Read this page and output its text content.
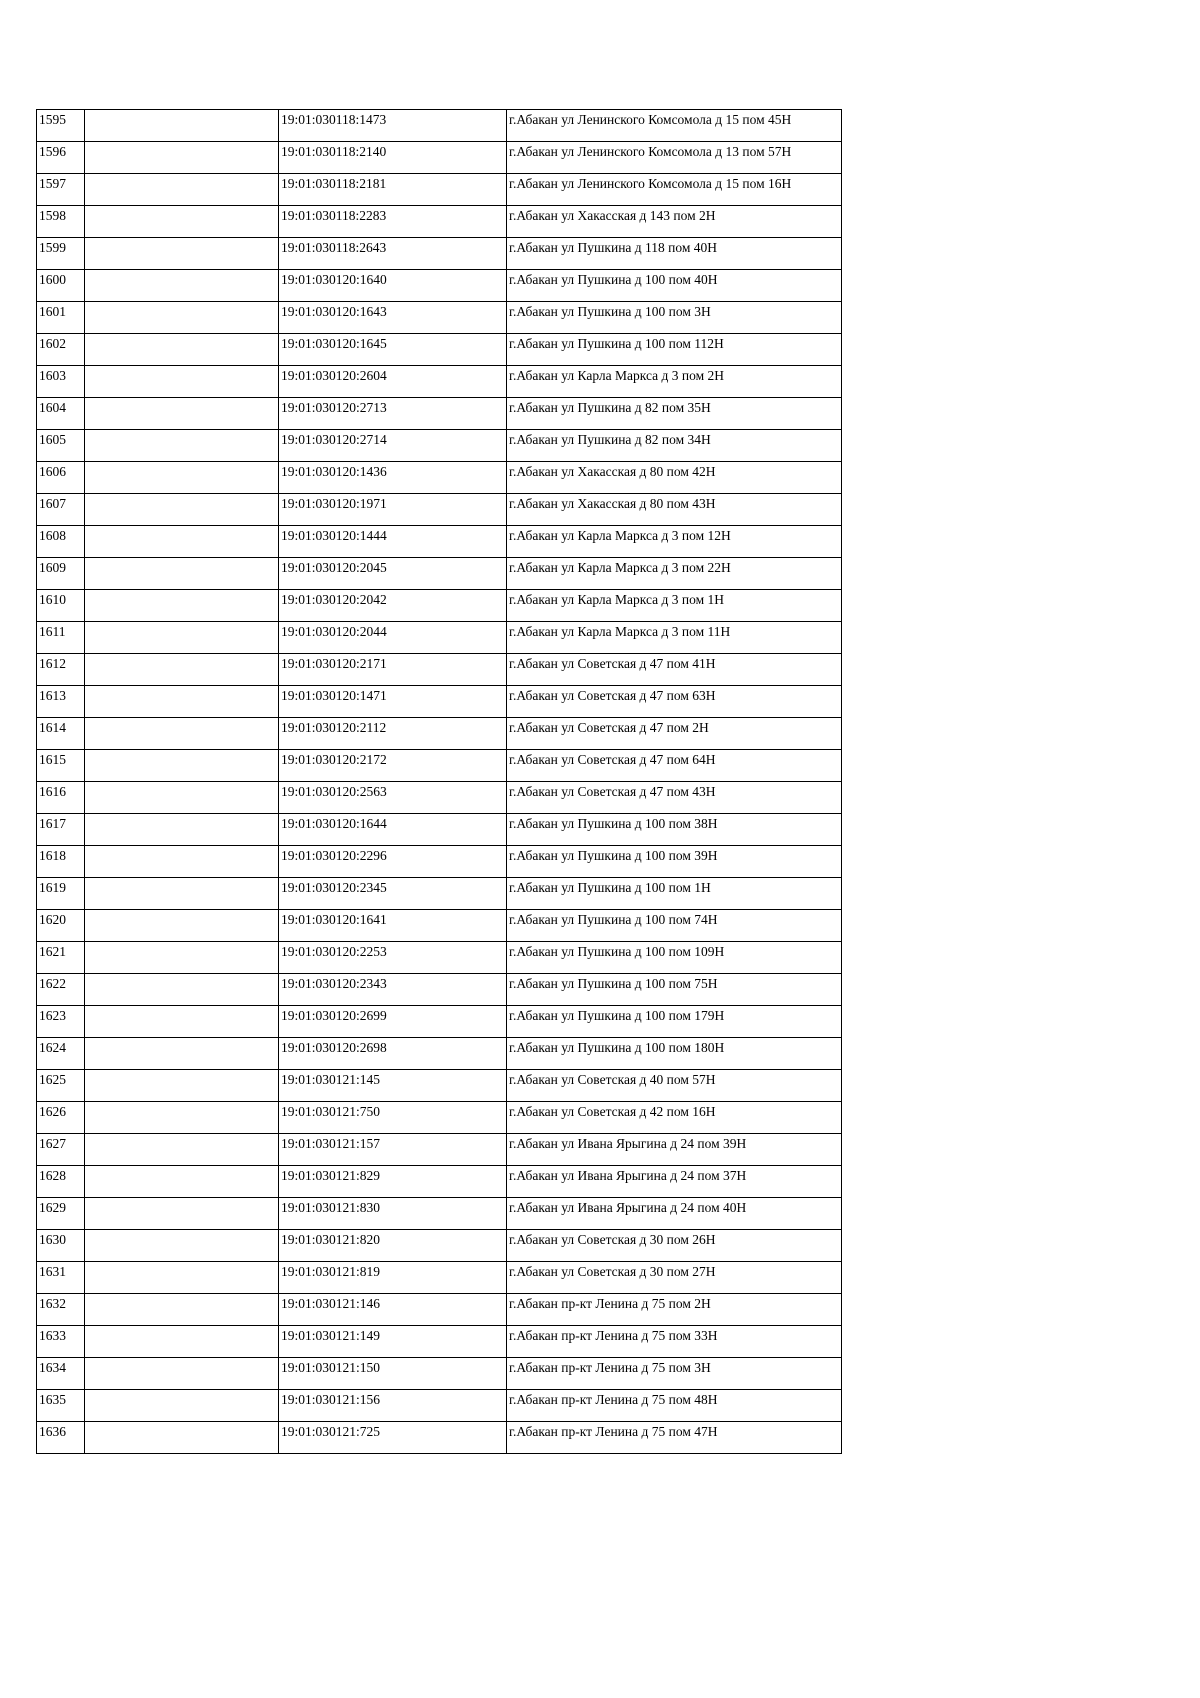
1595		19:01:030118:1473	г.Абакан ул Ленинского Комсомола д 15 пом 45Н
1596		19:01:030118:2140	г.Абакан ул Ленинского Комсомола д 13 пом 57Н
1597		19:01:030118:2181	г.Абакан ул Ленинского Комсомола д 15 пом 16Н
1598		19:01:030118:2283	г.Абакан ул Хакасская д 143 пом 2Н
1599		19:01:030118:2643	г.Абакан ул Пушкина д 118 пом 40Н
1600		19:01:030120:1640	г.Абакан ул Пушкина д 100 пом 40Н
1601		19:01:030120:1643	г.Абакан ул Пушкина д 100 пом 3Н
1602		19:01:030120:1645	г.Абакан ул Пушкина д 100 пом 112Н
1603		19:01:030120:2604	г.Абакан ул Карла Маркса д 3 пом 2Н
1604		19:01:030120:2713	г.Абакан ул Пушкина д 82 пом 35Н
1605		19:01:030120:2714	г.Абакан ул Пушкина д 82 пом 34Н
1606		19:01:030120:1436	г.Абакан ул Хакасская д 80 пом 42Н
1607		19:01:030120:1971	г.Абакан ул Хакасская д 80 пом 43Н
1608		19:01:030120:1444	г.Абакан ул Карла Маркса д 3 пом 12Н
1609		19:01:030120:2045	г.Абакан ул Карла Маркса д 3 пом 22Н
1610		19:01:030120:2042	г.Абакан ул Карла Маркса д 3 пом 1Н
1611		19:01:030120:2044	г.Абакан ул Карла Маркса д 3 пом 11Н
1612		19:01:030120:2171	г.Абакан ул Советская д 47 пом 41Н
1613		19:01:030120:1471	г.Абакан ул Советская д 47 пом 63Н
1614		19:01:030120:2112	г.Абакан ул Советская д 47 пом 2Н
1615		19:01:030120:2172	г.Абакан ул Советская д 47 пом 64Н
1616		19:01:030120:2563	г.Абакан ул Советская д 47 пом 43Н
1617		19:01:030120:1644	г.Абакан ул Пушкина д 100 пом 38Н
1618		19:01:030120:2296	г.Абакан ул Пушкина д 100 пом 39Н
1619		19:01:030120:2345	г.Абакан ул Пушкина д 100 пом 1Н
1620		19:01:030120:1641	г.Абакан ул Пушкина д 100 пом 74Н
1621		19:01:030120:2253	г.Абакан ул Пушкина д 100 пом 109Н
1622		19:01:030120:2343	г.Абакан ул Пушкина д 100 пом 75Н
1623		19:01:030120:2699	г.Абакан ул Пушкина д 100 пом 179Н
1624		19:01:030120:2698	г.Абакан ул Пушкина д 100 пом 180Н
1625		19:01:030121:145	г.Абакан ул Советская д 40 пом 57Н
1626		19:01:030121:750	г.Абакан ул Советская д 42 пом 16Н
1627		19:01:030121:157	г.Абакан ул Ивана Ярыгина д 24 пом 39Н
1628		19:01:030121:829	г.Абакан ул Ивана Ярыгина д 24 пом 37Н
1629		19:01:030121:830	г.Абакан ул Ивана Ярыгина д 24 пом 40Н
1630		19:01:030121:820	г.Абакан ул Советская д 30 пом 26Н
1631		19:01:030121:819	г.Абакан ул Советская д 30 пом 27Н
1632		19:01:030121:146	г.Абакан пр-кт Ленина д 75 пом 2Н
1633		19:01:030121:149	г.Абакан пр-кт Ленина д 75 пом 33Н
1634		19:01:030121:150	г.Абакан пр-кт Ленина д 75 пом 3Н
1635		19:01:030121:156	г.Абакан пр-кт Ленина д 75 пом 48Н
1636		19:01:030121:725	г.Абакан пр-кт Ленина д 75 пом 47Н
